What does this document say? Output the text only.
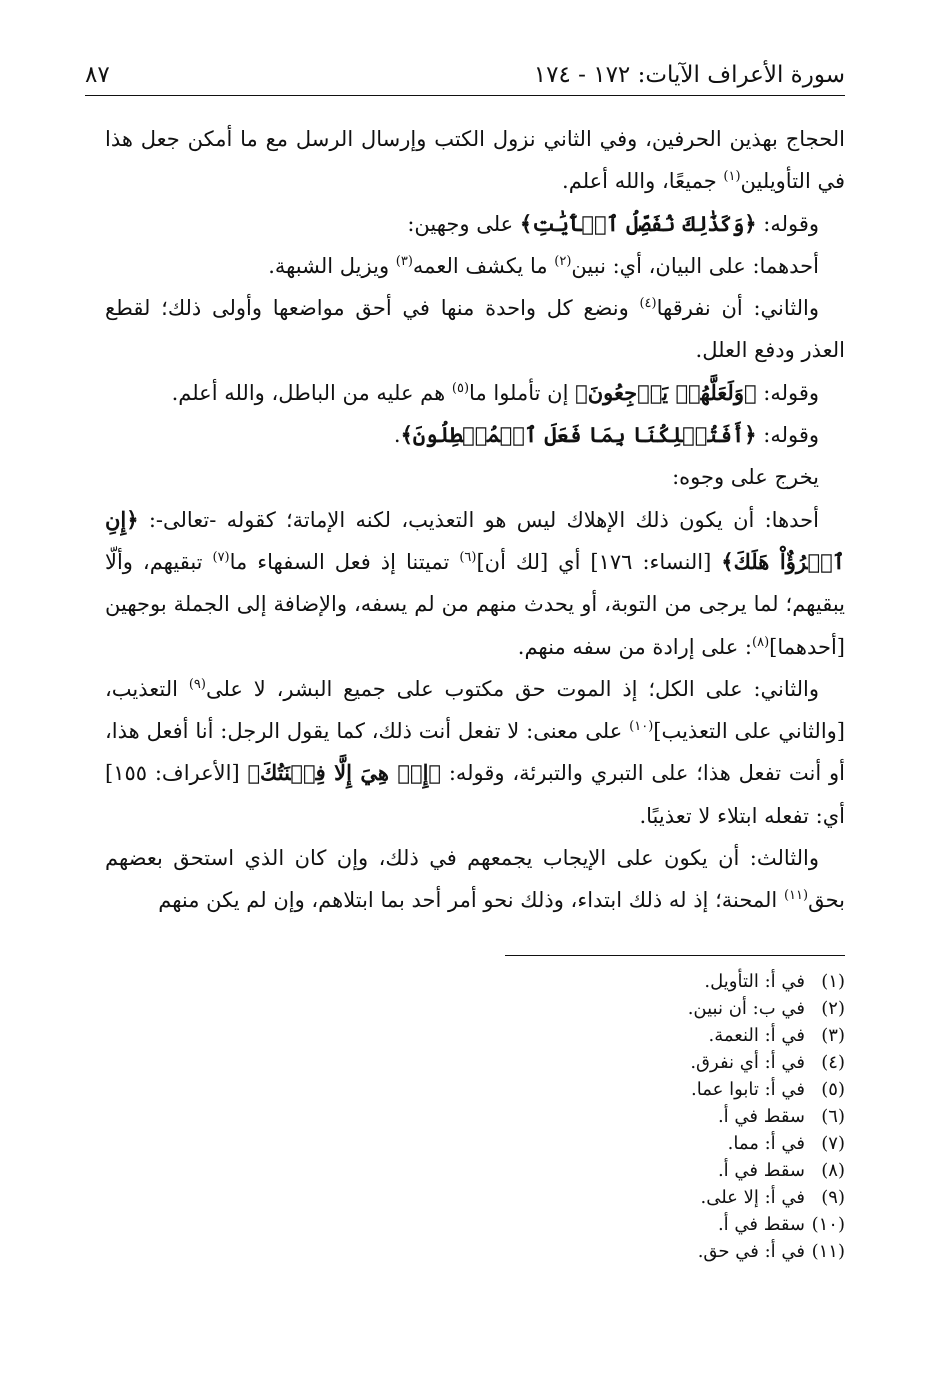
سورة الأعراف الآيات: ١٧٢ - ١٧٤
٨٧

الحجاج بهذين الحرفين، وفي الثاني نزول الكتب وإرسال الرسل مع ما أمكن جعل هذا في التأويلين$^{(١)}$ جميعًا، والله أعلم.

وقوله: ﴿وَكَذَٰلِكَ نُفَصِّلُ ٱلۡأٓيَٰتِ﴾ على وجهين:

أحدهما: على البيان، أي: نبين$^{(٢)}$ ما يكشف العمه$^{(٣)}$ ويزيل الشبهة.

والثاني: أن نفرقها$^{(٤)}$ ونضع كل واحدة منها في أحق مواضعها وأولى ذلك؛ لقطع العذر ودفع العلل.

وقوله: ﴿وَلَعَلَّهُمۡ يَرۡجِعُونَ﴾ إن تأملوا ما$^{(٥)}$ هم عليه من الباطل، والله أعلم.

وقوله: ﴿أَفَتُهۡلِكُنَا بِمَا فَعَلَ ٱلۡمُبۡطِلُونَ﴾.

يخرج على وجوه:

أحدها: أن يكون ذلك الإهلاك ليس هو التعذيب، لكنه الإماتة؛ كقوله -تعالى-: ﴿إِنِ ٱمۡرُؤٌاْ هَلَكَ﴾ [النساء: ١٧٦] أي [لك أن]$^{(٦)}$ تميتنا إذ فعل السفهاء ما$^{(٧)}$ تبقيهم، وألّا يبقيهم؛ لما يرجى من التوبة، أو يحدث منهم من لم يسفه، والإضافة إلى الجملة بوجهين [أحدهما]$^{(٨)}$: على إرادة من سفه منهم.

والثاني: على الكل؛ إذ الموت حق مكتوب على جميع البشر، لا على$^{(٩)}$ التعذيب، [والثاني على التعذيب]$^{(١٠)}$ على معنى: لا تفعل أنت ذلك، كما يقول الرجل: أنا أفعل هذا، أو أنت تفعل هذا؛ على التبري والتبرئة، وقوله: ﴿إِنۡ هِيَ إِلَّا فِتۡنَتُكَ﴾ [الأعراف: ١٥٥] أي: تفعله ابتلاء لا تعذيبًا.

والثالث: أن يكون على الإيجاب يجمعهم في ذلك، وإن كان الذي استحق بعضهم بحق$^{(١١)}$ المحنة؛ إذ له ذلك ابتداء، وذلك نحو أمر أحد بما ابتلاهم، وإن لم يكن منهم

(١)في أ: التأويل.
(٢)في ب: أن نبين.
(٣)في أ: النعمة.
(٤)في أ: أي نفرق.
(٥)في أ: تابوا عما.
(٦)سقط في أ.
(٧)في أ: مما.
(٨)سقط في أ.
(٩)في أ: إلا على.
(١٠)سقط في أ.
(١١)في أ: في حق.
